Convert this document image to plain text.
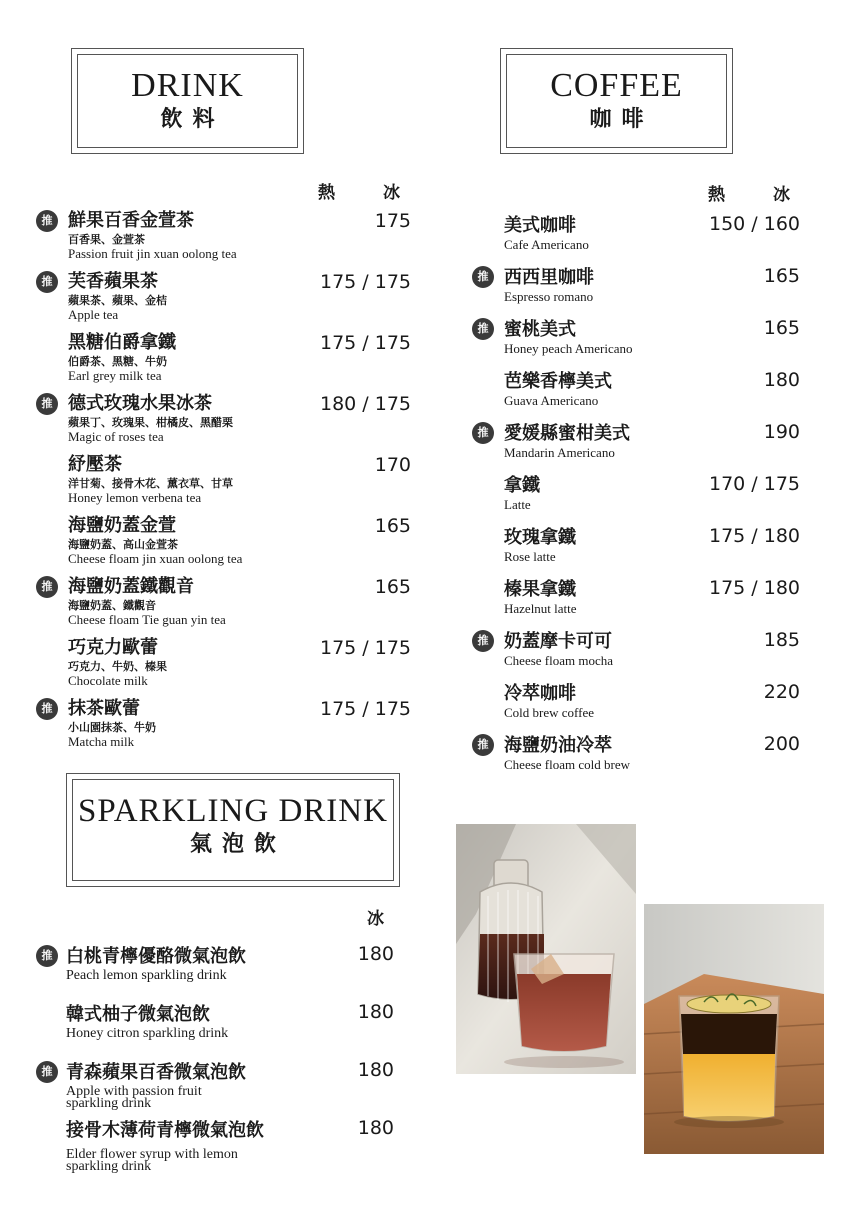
DRINK
飲料
COFFEE
咖啡
SPARKLING DRINK
氣泡飲
熱	冰	熱	冰
冰
推 鮮果百香金萱茶
百香果、金萱茶
Passion fruit jin xuan oolong tea
175
推 芙香蘋果茶
蘋果茶、蘋果、金桔
Apple tea
175 / 175
黑糖伯爵拿鐵
伯爵茶、黑糖、牛奶
Earl grey milk tea
175 / 175
推 德式玫瑰水果冰茶
蘋果丁、玫瑰果、柑橘皮、黑醋栗
Magic of roses tea
180 / 175
紓壓茶
洋甘菊、接骨木花、薰衣草、甘草
Honey lemon verbena tea
170
海鹽奶蓋金萱
海鹽奶蓋、高山金萱茶
Cheese floam jin xuan oolong tea
165
推 海鹽奶蓋鐵觀音
海鹽奶蓋、鐵觀音
Cheese floam Tie guan yin tea
165
巧克力歐蕾
巧克力、牛奶、榛果
Chocolate milk
175 / 175
推 抹茶歐蕾
小山園抹茶、牛奶
Matcha milk
175 / 175
美式咖啡
Cafe Americano
150 / 160
推 西西里咖啡
Espresso romano
165
推 蜜桃美式
Honey peach Americano
165
芭樂香檸美式
Guava Americano
180
推 愛媛縣蜜柑美式
Mandarin Americano
190
拿鐵
Latte
170 / 175
玫瑰拿鐵
Rose latte
175 / 180
榛果拿鐵
Hazelnut latte
175 / 180
推 奶蓋摩卡可可
Cheese floam mocha
185
冷萃咖啡
Cold brew coffee
220
推 海鹽奶油冷萃
Cheese floam cold brew
200
推 白桃青檸優酪微氣泡飲
Peach lemon sparkling drink
180
韓式柚子微氣泡飲
Honey citron sparkling drink
180
推 青森蘋果百香微氣泡飲
Apple with passion fruit
sparkling drink
180
接骨木薄荷青檸微氣泡飲
Elder flower syrup with lemon
sparkling drink
180
